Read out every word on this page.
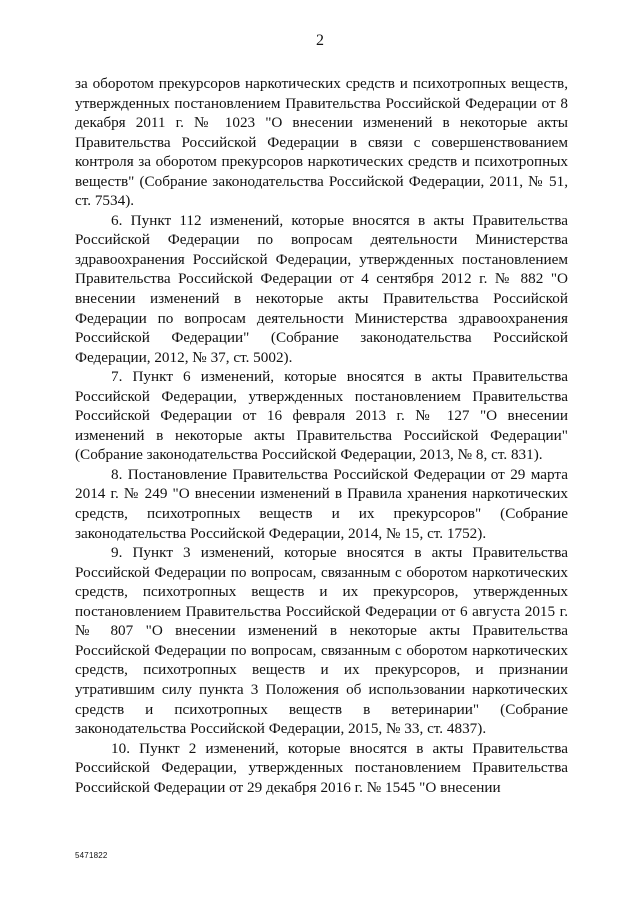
2

за оборотом прекурсоров наркотических средств и психотропных веществ, утвержденных постановлением Правительства Российской Федерации от 8 декабря 2011 г. № 1023 "О внесении изменений в некоторые акты Правительства Российской Федерации в связи с совершенствованием контроля за оборотом прекурсоров наркотических средств и психотропных веществ" (Собрание законодательства Российской Федерации, 2011, № 51, ст. 7534).

6. Пункт 112 изменений, которые вносятся в акты Правительства Российской Федерации по вопросам деятельности Министерства здравоохранения Российской Федерации, утвержденных постановлением Правительства Российской Федерации от 4 сентября 2012 г. № 882 "О внесении изменений в некоторые акты Правительства Российской Федерации по вопросам деятельности Министерства здравоохранения Российской Федерации" (Собрание законодательства Российской Федерации, 2012, № 37, ст. 5002).

7. Пункт 6 изменений, которые вносятся в акты Правительства Российской Федерации, утвержденных постановлением Правительства Российской Федерации от 16 февраля 2013 г. № 127 "О внесении изменений в некоторые акты Правительства Российской Федерации" (Собрание законодательства Российской Федерации, 2013, № 8, ст. 831).

8. Постановление Правительства Российской Федерации от 29 марта 2014 г. № 249 "О внесении изменений в Правила хранения наркотических средств, психотропных веществ и их прекурсоров" (Собрание законодательства Российской Федерации, 2014, № 15, ст. 1752).

9. Пункт 3 изменений, которые вносятся в акты Правительства Российской Федерации по вопросам, связанным с оборотом наркотических средств, психотропных веществ и их прекурсоров, утвержденных постановлением Правительства Российской Федерации от 6 августа 2015 г. № 807 "О внесении изменений в некоторые акты Правительства Российской Федерации по вопросам, связанным с оборотом наркотических средств, психотропных веществ и их прекурсоров, и признании утратившим силу пункта 3 Положения об использовании наркотических средств и психотропных веществ в ветеринарии" (Собрание законодательства Российской Федерации, 2015, № 33, ст. 4837).

10. Пункт 2 изменений, которые вносятся в акты Правительства Российской Федерации, утвержденных постановлением Правительства Российской Федерации от 29 декабря 2016 г. № 1545 "О внесении

5471822
